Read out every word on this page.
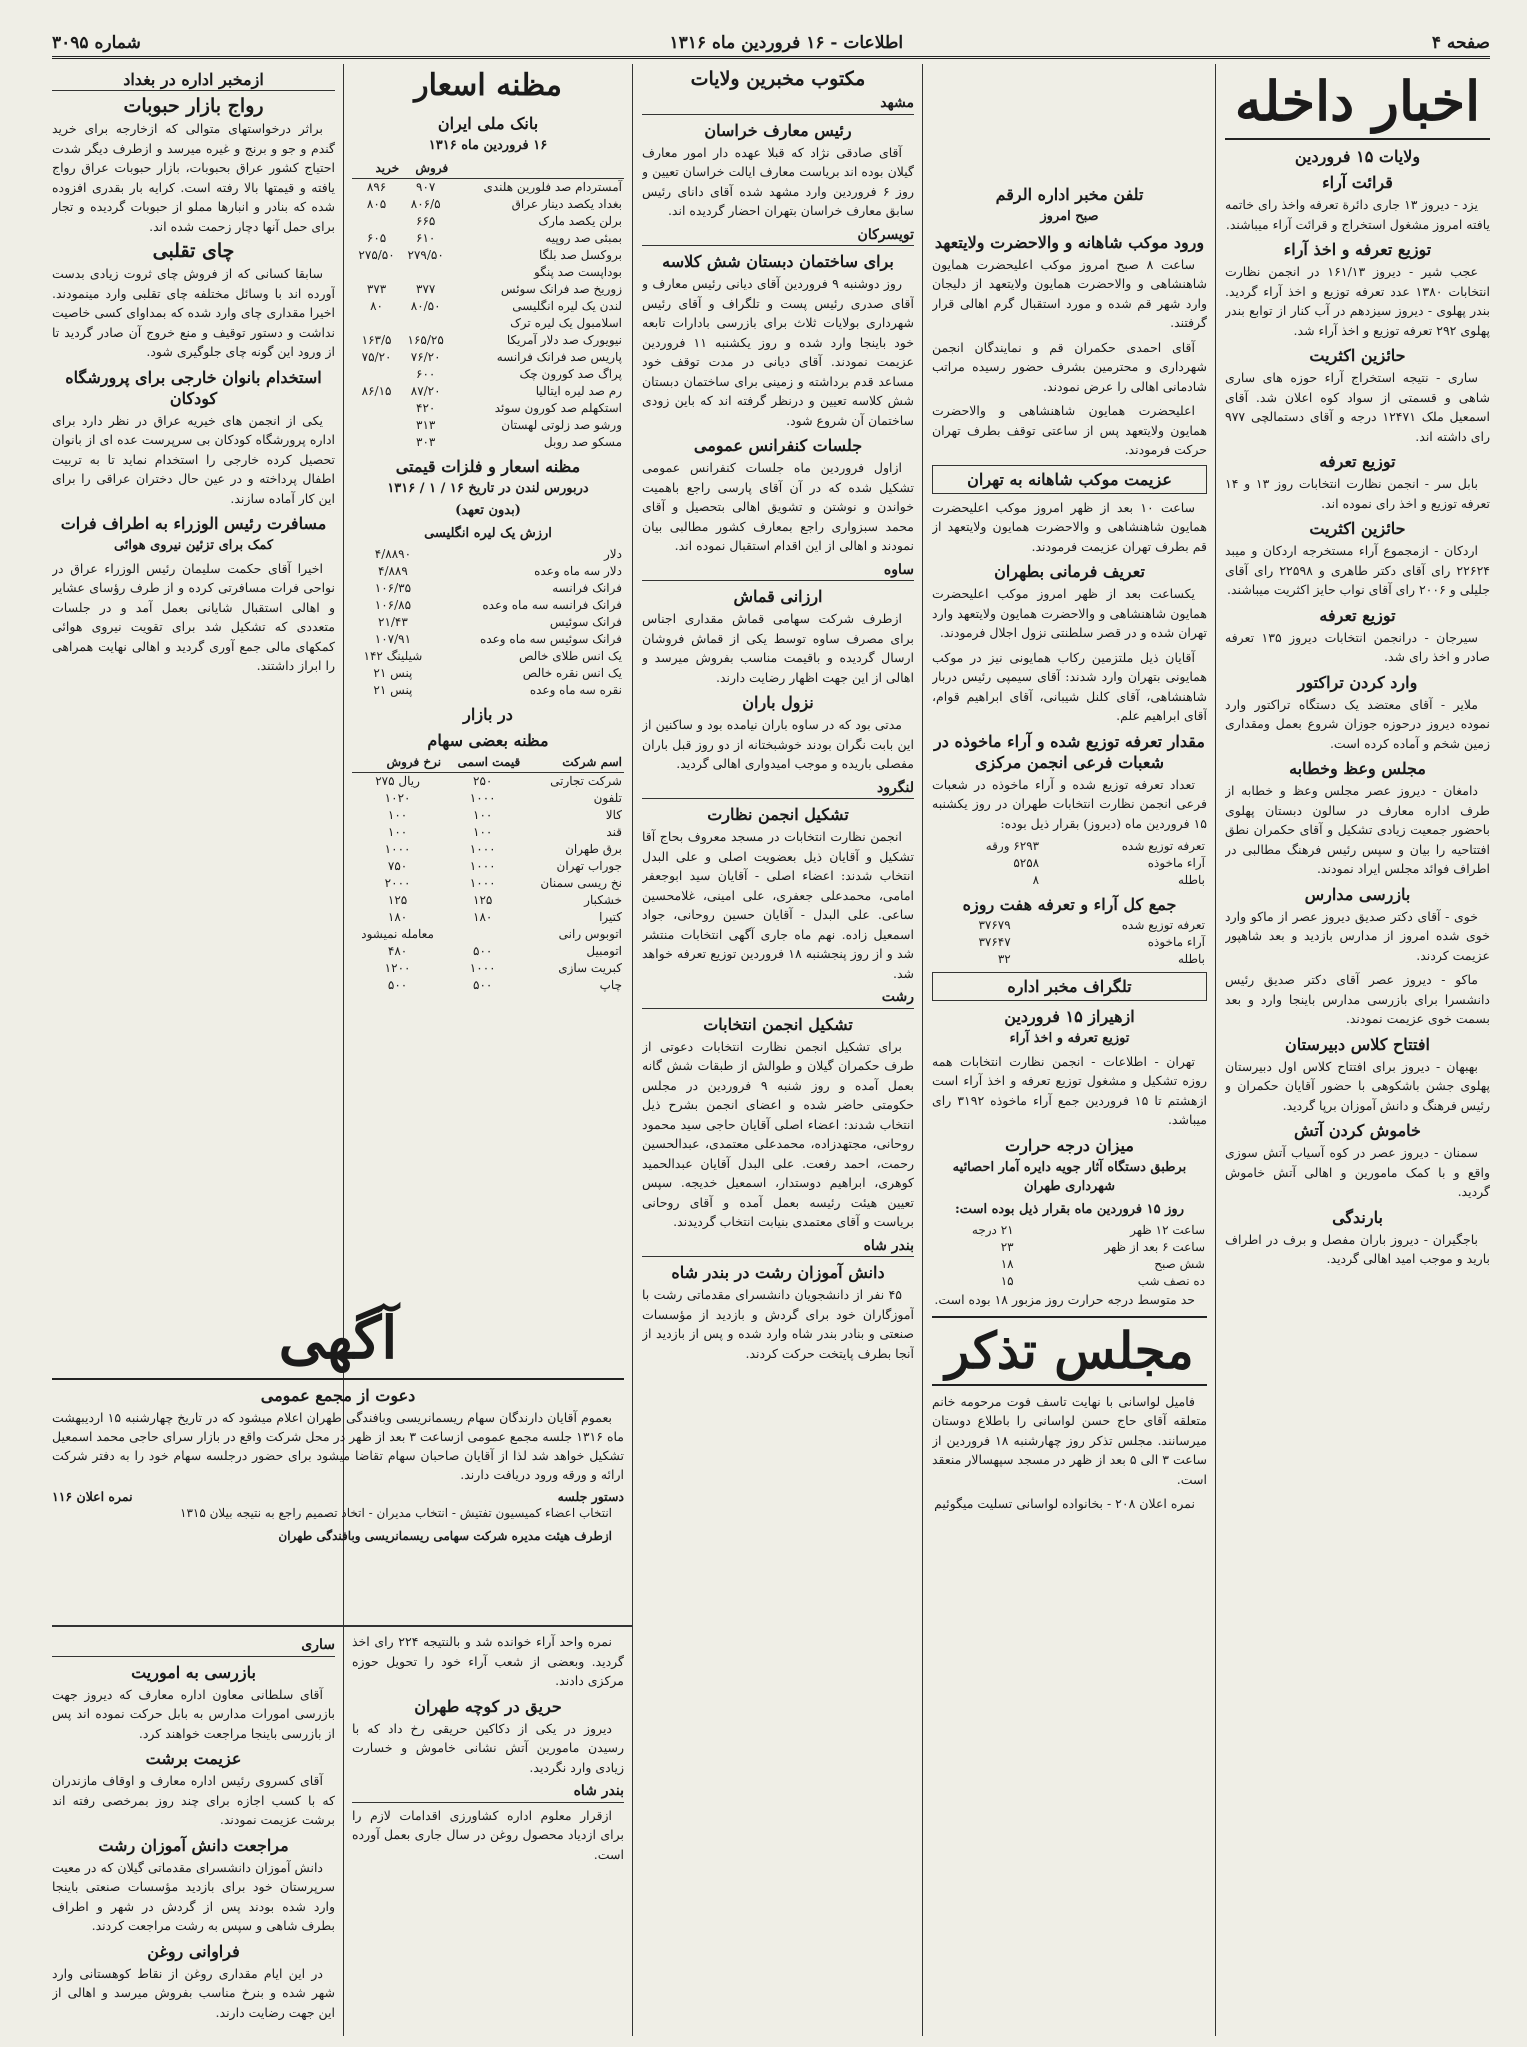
صفحه ۴
اطلاعات - ۱۶ فروردین ماه ۱۳۱۶
شماره ۳۰۹۵
اخبار داخله
ولایات ۱۵ فروردین
قرائت آراء

یزد - دیروز ۱۳ جاری دائرة تعرفه واخذ رای خاتمه یافته امروز مشغول استخراج و قرائت آراء میباشند.

توزیع تعرفه و اخذ آراء

عجب شیر - دیروز ۱۶۱/۱۳ در انجمن نظارت انتخابات ۱۳۸۰ عدد تعرفه توزیع و اخذ آراء گردید. بندر پهلوی - دیروز سیزدهم در آب کنار از توابع بندر پهلوی ۲۹۲ تعرفه توزیع و اخذ آراء شد.

حائزین اکثریت

ساری - نتیجه استخراج آراء حوزه های ساری شاهی و قسمتی از سواد کوه اعلان شد. آقای اسمعیل ملک ۱۲۴۷۱ درجه و آقای دستمالچی ۹۷۷ رای داشته اند.

توزیع تعرفه

بابل سر - انجمن نظارت انتخابات روز ۱۳ و ۱۴ تعرفه توزیع و اخذ رای نموده اند.

حائزین اکثریت

اردکان - ازمجموع آراء مستخرجه اردکان و میبد ۲۲۶۲۴ رای آقای دکتر طاهری و ۲۲۵۹۸ رای آقای جلیلی و ۲۰۰۶ رای آقای نواب حایز اکثریت میباشند.

توزیع تعرفه

سیرجان - درانجمن انتخابات دیروز ۱۳۵ تعرفه صادر و اخذ رای شد.

وارد کردن تراکتور

ملایر - آقای معتضد یک دستگاه تراکتور وارد نموده دیروز درحوزه جوزان شروع بعمل ومقداری زمین شخم و آماده کرده است.

مجلس وعظ وخطابه

دامغان - دیروز عصر مجلس وعظ و خطابه از طرف اداره معارف در سالون دبستان پهلوی باحضور جمعیت زیادی تشکیل و آقای حکمران نطق افتتاحیه را بیان و سپس رئیس فرهنگ مطالبی در اطراف فوائد مجلس ایراد نمودند.

بازرسی مدارس

خوی - آقای دکتر صدیق دیروز عصر از ماکو وارد خوی شده امروز از مدارس بازدید و بعد شاهپور عزیمت کردند.

ماکو - دیروز عصر آقای دکتر صدیق رئیس دانشسرا برای بازرسی مدارس باینجا وارد و بعد بسمت خوی عزیمت نمودند.

افتتاح کلاس دبیرستان

بهبهان - دیروز برای افتتاح کلاس اول دبیرستان پهلوی جشن باشکوهی با حضور آقایان حکمران و رئیس فرهنگ و دانش آموزان برپا گردید.

خاموش کردن آتش

سمنان - دیروز عصر در کوه آسیاب آتش سوزی واقع و با کمک مامورین و اهالی آتش خاموش گردید.

بارندگی

باجگیران - دیروز باران مفصل و برف در اطراف بارید و موجب امید اهالی گردید.

تلفن مخبر اداره الرقم
صبح امروز
ورود موکب شاهانه و والاحضرت ولایتعهد

ساعت ۸ صبح امروز موکب اعلیحضرت همایون شاهنشاهی و والاحضرت همایون ولایتعهد از دلیجان وارد شهر قم شده و مورد استقبال گرم اهالی قرار گرفتند.

آقای احمدی حکمران قم و نمایندگان انجمن شهرداری و محترمین بشرف حضور رسیده مراتب شادمانی اهالی را عرض نمودند.

اعلیحضرت همایون شاهنشاهی و والاحضرت همایون ولایتعهد پس از ساعتی توقف بطرف تهران حرکت فرمودند.

عزیمت موکب شاهانه به تهران

ساعت ۱۰ بعد از ظهر امروز موکب اعلیحضرت همایون شاهنشاهی و والاحضرت همایون ولایتعهد از قم بطرف تهران عزیمت فرمودند.

تعریف فرمانی بطهران

یکساعت بعد از ظهر امروز موکب اعلیحضرت همایون شاهنشاهی و والاحضرت همایون ولایتعهد وارد تهران شده و در قصر سلطنتی نزول اجلال فرمودند.

آقایان ذیل ملتزمین رکاب همایونی نیز در موکب همایونی بتهران وارد شدند: آقای سیمپی رئیس دربار شاهنشاهی، آقای کلنل شیبانی، آقای ابراهیم قوام، آقای ابراهیم علم.

مقدار تعرفه توزیع شده و آراء ماخوذه در شعبات فرعی انجمن مرکزی

تعداد تعرفه توزیع شده و آراء ماخوذه در شعبات فرعی انجمن نظارت انتخابات طهران در روز یکشنبه ۱۵ فروردین ماه (دیروز) بقرار ذیل بوده:

تعرفه توزیع شده	۶۲۹۳ ورقه
آراء ماخوذه	۵۲۵۸
باطله	۸
جمع کل آراء و تعرفه هفت روزه
تعرفه توزیع شده	۳۷۶۷۹
آراء ماخوذه	۳۷۶۴۷
باطله	۳۲
تلگراف مخبر اداره
ازهیراز ۱۵ فروردین
توزیع تعرفه و اخذ آراء

تهران - اطلاعات - انجمن نظارت انتخابات همه روزه تشکیل و مشغول توزیع تعرفه و اخذ آراء است ازهشتم تا ۱۵ فروردین جمع آراء ماخوذه ۳۱۹۲ رای میباشد.

میزان درجه حرارت
برطبق دستگاه آثار جویه دایره آمار احصائیه شهرداری طهران
روز ۱۵ فروردین ماه بقرار ذیل بوده است:
ساعت ۱۲ ظهر	۲۱ درجه
ساعت ۶ بعد از ظهر	۲۳
شش صبح	۱۸
ده نصف شب	۱۵

حد متوسط درجه حرارت روز مزبور ۱۸ بوده است.

مجلس تذکر

فامیل لواسانی با نهایت تاسف فوت مرحومه خانم متعلقه آقای حاج حسن لواسانی را باطلاع دوستان میرسانند. مجلس تذکر روز چهارشنبه ۱۸ فروردین از ساعت ۳ الی ۵ بعد از ظهر در مسجد سپهسالار منعقد است.

نمره اعلان ۲۰۸ - بخانواده لواسانی تسلیت میگوئیم

مکتوب مخبرین ولایات
مشهد
رئیس معارف خراسان

آقای صادقی نژاد که قبلا عهده دار امور معارف گیلان بوده اند بریاست معارف ایالت خراسان تعیین و روز ۶ فروردین وارد مشهد شده آقای دانای رئیس سابق معارف خراسان بتهران احضار گردیده اند.

تویسرکان
برای ساختمان دبستان شش کلاسه

روز دوشنبه ۹ فروردین آقای دیانی رئیس معارف و آقای صدری رئیس پست و تلگراف و آقای رئیس شهرداری بولایات ثلاث برای بازرسی بادارات تابعه خود باینجا وارد شده و روز یکشنبه ۱۱ فروردین عزیمت نمودند. آقای دیانی در مدت توقف خود مساعد قدم برداشته و زمینی برای ساختمان دبستان شش کلاسه تعیین و درنظر گرفته اند که باین زودی ساختمان آن شروع شود.

جلسات کنفرانس عمومی

ازاول فروردین ماه جلسات کنفرانس عمومی تشکیل شده که در آن آقای پارسی راجع باهمیت خواندن و نوشتن و تشویق اهالی بتحصیل و آقای محمد سبزواری راجع بمعارف کشور مطالبی بیان نمودند و اهالی از این اقدام استقبال نموده اند.

ساوه
ارزانی قماش

ازطرف شرکت سهامی قماش مقداری اجناس برای مصرف ساوه توسط یکی از قماش فروشان ارسال گردیده و باقیمت مناسب بفروش میرسد و اهالی از این جهت اظهار رضایت دارند.

نزول باران

مدتی بود که در ساوه باران نیامده بود و ساکنین از این بابت نگران بودند خوشبختانه از دو روز قبل باران مفصلی باریده و موجب امیدواری اهالی گردید.

لنگرود
تشکیل انجمن نظارت

انجمن نظارت انتخابات در مسجد معروف بحاج آقا تشکیل و آقایان ذیل بعضویت اصلی و علی البدل انتخاب شدند: اعضاء اصلی - آقایان سید ابوجعفر امامی، محمدعلی جعفری، علی امینی، غلامحسین ساعی. علی البدل - آقایان حسین روحانی، جواد اسمعیل زاده. نهم ماه جاری آگهی انتخابات منتشر شد و از روز پنجشنبه ۱۸ فروردین توزیع تعرفه خواهد شد.

رشت
تشکیل انجمن انتخابات

برای تشکیل انجمن نظارت انتخابات دعوتی از طرف حکمران گیلان و طوالش از طبقات شش گانه بعمل آمده و روز شنبه ۹ فروردین در مجلس حکومتی حاضر شده و اعضای انجمن بشرح ذیل انتخاب شدند: اعضاء اصلی آقایان حاجی سید محمود روحانی، مجتهدزاده، محمدعلی معتمدی، عبدالحسین رحمت، احمد رفعت. علی البدل آقایان عبدالحمید کوهری، ابراهیم دوستدار، اسمعیل خدیجه. سپس تعیین هیئت رئیسه بعمل آمده و آقای روحانی بریاست و آقای معتمدی بنیابت انتخاب گردیدند.

بندر شاه
دانش آموزان رشت در بندر شاه

۴۵ نفر از دانشجویان دانشسرای مقدماتی رشت با آموزگاران خود برای گردش و بازدید از مؤسسات صنعتی و بنادر بندر شاه وارد شده و پس از بازدید از آنجا بطرف پایتخت حرکت کردند.

مظنه اسعار
بانک ملی ایران
۱۶ فروردین ماه ۱۳۱۶
	فروش	خرید
آمستردام صد فلورین هلندی	۹۰۷	۸۹۶
بغداد یکصد دینار عراق	۸۰۶/۵	۸۰۵
برلن یکصد مارک	۶۶۵	
بمبئی صد روپیه	۶۱۰	۶۰۵
بروکسل صد بلگا	۲۷۹/۵۰	۲۷۵/۵۰
بوداپست صد پنگو		
زوریخ صد فرانک سوئس	۳۷۷	۳۷۳
لندن یک لیره انگلیسی	۸۰/۵۰	۸۰
اسلامبول یک لیره ترک		
نیویورک صد دلار آمریکا	۱۶۵/۲۵	۱۶۳/۵
پاریس صد فرانک فرانسه	۷۶/۲۰	۷۵/۲۰
پراگ صد کورون چک	۶۰۰	
رم صد لیره ایتالیا	۸۷/۲۰	۸۶/۱۵
استکهلم صد کورون سوئد	۴۲۰	
ورشو صد زلوتی لهستان	۳۱۳	
مسکو صد روبل	۳۰۳	
مظنه اسعار و فلزات قیمتی
دربورس لندن در تاریخ ۱۶ / ۱ / ۱۳۱۶
(بدون تعهد)
ارزش یک لیره انگلیسی
دلار	۴/۸۸۹۰
دلار سه ماه وعده	۴/۸۸۹
فرانک فرانسه	۱۰۶/۳۵
فرانک فرانسه سه ماه وعده	۱۰۶/۸۵
فرانک سوئیس	۲۱/۴۳
فرانک سوئیس سه ماه وعده	۱۰۷/۹۱
یک انس طلای خالص	۱۴۲ شیلینگ
یک انس نقره خالص	۲۱ پنس
نقره سه ماه وعده	۲۱ پنس
در بازار
مظنه بعضی سهام
اسم شرکت	قیمت اسمی	نرخ فروش
شرکت تجارتی	۲۵۰	۲۷۵ ریال
تلفون	۱۰۰۰	۱۰۲۰
کالا	۱۰۰	۱۰۰
قند	۱۰۰	۱۰۰
برق طهران	۱۰۰۰	۱۰۰۰
جوراب تهران	۱۰۰۰	۷۵۰
نخ ریسی سمنان	۱۰۰۰	۲۰۰۰
خشکبار	۱۲۵	۱۲۵
کتیرا	۱۸۰	۱۸۰
اتوبوس رانی		معامله نمیشود
اتومبیل	۵۰۰	۴۸۰
کبریت سازی	۱۰۰۰	۱۲۰۰
چاپ	۵۰۰	۵۰۰
ازمخبر اداره در بغداد
رواج بازار حبوبات

براثر درخواستهای متوالی که ازخارجه برای خرید گندم و جو و برنج و غیره میرسد و ازطرف دیگر شدت احتیاج کشور عراق بحبوبات، بازار حبوبات عراق رواج یافته و قیمتها بالا رفته است. کرایه بار بقدری افزوده شده که بنادر و انبارها مملو از حبوبات گردیده و تجار برای حمل آنها دچار زحمت شده اند.

چای تقلبی

سابقا کسانی که از فروش چای ثروت زیادی بدست آورده اند با وسائل مختلفه چای تقلبی وارد مینمودند. اخیرا مقداری چای وارد شده که بمداوای کسی خاصیت نداشت و دستور توقیف و منع خروج آن صادر گردید تا از ورود این گونه چای جلوگیری شود.

استخدام بانوان خارجی برای پرورشگاه کودکان

یکی از انجمن های خیریه عراق در نظر دارد برای اداره پرورشگاه کودکان بی سرپرست عده ای از بانوان تحصیل کرده خارجی را استخدام نماید تا به تربیت اطفال پرداخته و در عین حال دختران عراقی را برای این کار آماده سازند.

مسافرت رئیس الوزراء به اطراف فرات
کمک برای تزئین نیروی هوائی

اخیرا آقای حکمت سلیمان رئیس الوزراء عراق در نواحی فرات مسافرتی کرده و از طرف رؤسای عشایر و اهالی استقبال شایانی بعمل آمد و در جلسات متعددی که تشکیل شد برای تقویت نیروی هوائی کمکهای مالی جمع آوری گردید و اهالی نهایت همراهی را ابراز داشتند.

آگهی
دعوت از مجمع عمومی

بعموم آقایان دارندگان سهام ریسمانریسی وبافندگی طهران اعلام میشود که در تاریخ چهارشنبه ۱۵ اردیبهشت ماه ۱۳۱۶ جلسه مجمع عمومی ازساعت ۳ بعد از ظهر در محل شرکت واقع در بازار سرای حاجی محمد اسمعیل تشکیل خواهد شد لذا از آقایان صاحبان سهام تقاضا میشود برای حضور درجلسه سهام خود را به دفتر شرکت ارائه و ورقه ورود دریافت دارند.

دستور جلسه
نمره اعلان ۱۱۶

انتخاب اعضاء کمیسیون تفتیش - انتخاب مدیران - اتخاذ تصمیم راجع به نتیجه بیلان ۱۳۱۵

ازطرف هیئت مدیره شرکت سهامی ریسمانریسی وبافندگی طهران

نمره واحد آراء خوانده شد و بالنتیجه ۲۲۴ رای اخذ گردید. وبعضی از شعب آراء خود را تحویل حوزه مرکزی دادند.

حریق در کوچه طهران

دیروز در یکی از دکاکین حریقی رخ داد که با رسیدن مامورین آتش نشانی خاموش و خسارت زیادی وارد نگردید.

بندر شاه

ازقرار معلوم اداره کشاورزی اقدامات لازم را برای ازدیاد محصول روغن در سال جاری بعمل آورده است.

ساری
بازرسی به اموریت

آقای سلطانی معاون اداره معارف که دیروز جهت بازرسی امورات مدارس به بابل حرکت نموده اند پس از بازرسی باینجا مراجعت خواهند کرد.

عزیمت برشت

آقای کسروی رئیس اداره معارف و اوقاف مازندران که با کسب اجازه برای چند روز بمرخصی رفته اند برشت عزیمت نمودند.

مراجعت دانش آموزان رشت

دانش آموزان دانشسرای مقدماتی گیلان که در معیت سرپرستان خود برای بازدید مؤسسات صنعتی باینجا وارد شده بودند پس از گردش در شهر و اطراف بطرف شاهی و سپس به رشت مراجعت کردند.

فراوانی روغن

در این ایام مقداری روغن از نقاط کوهستانی وارد شهر شده و بنرخ مناسب بفروش میرسد و اهالی از این جهت رضایت دارند.
